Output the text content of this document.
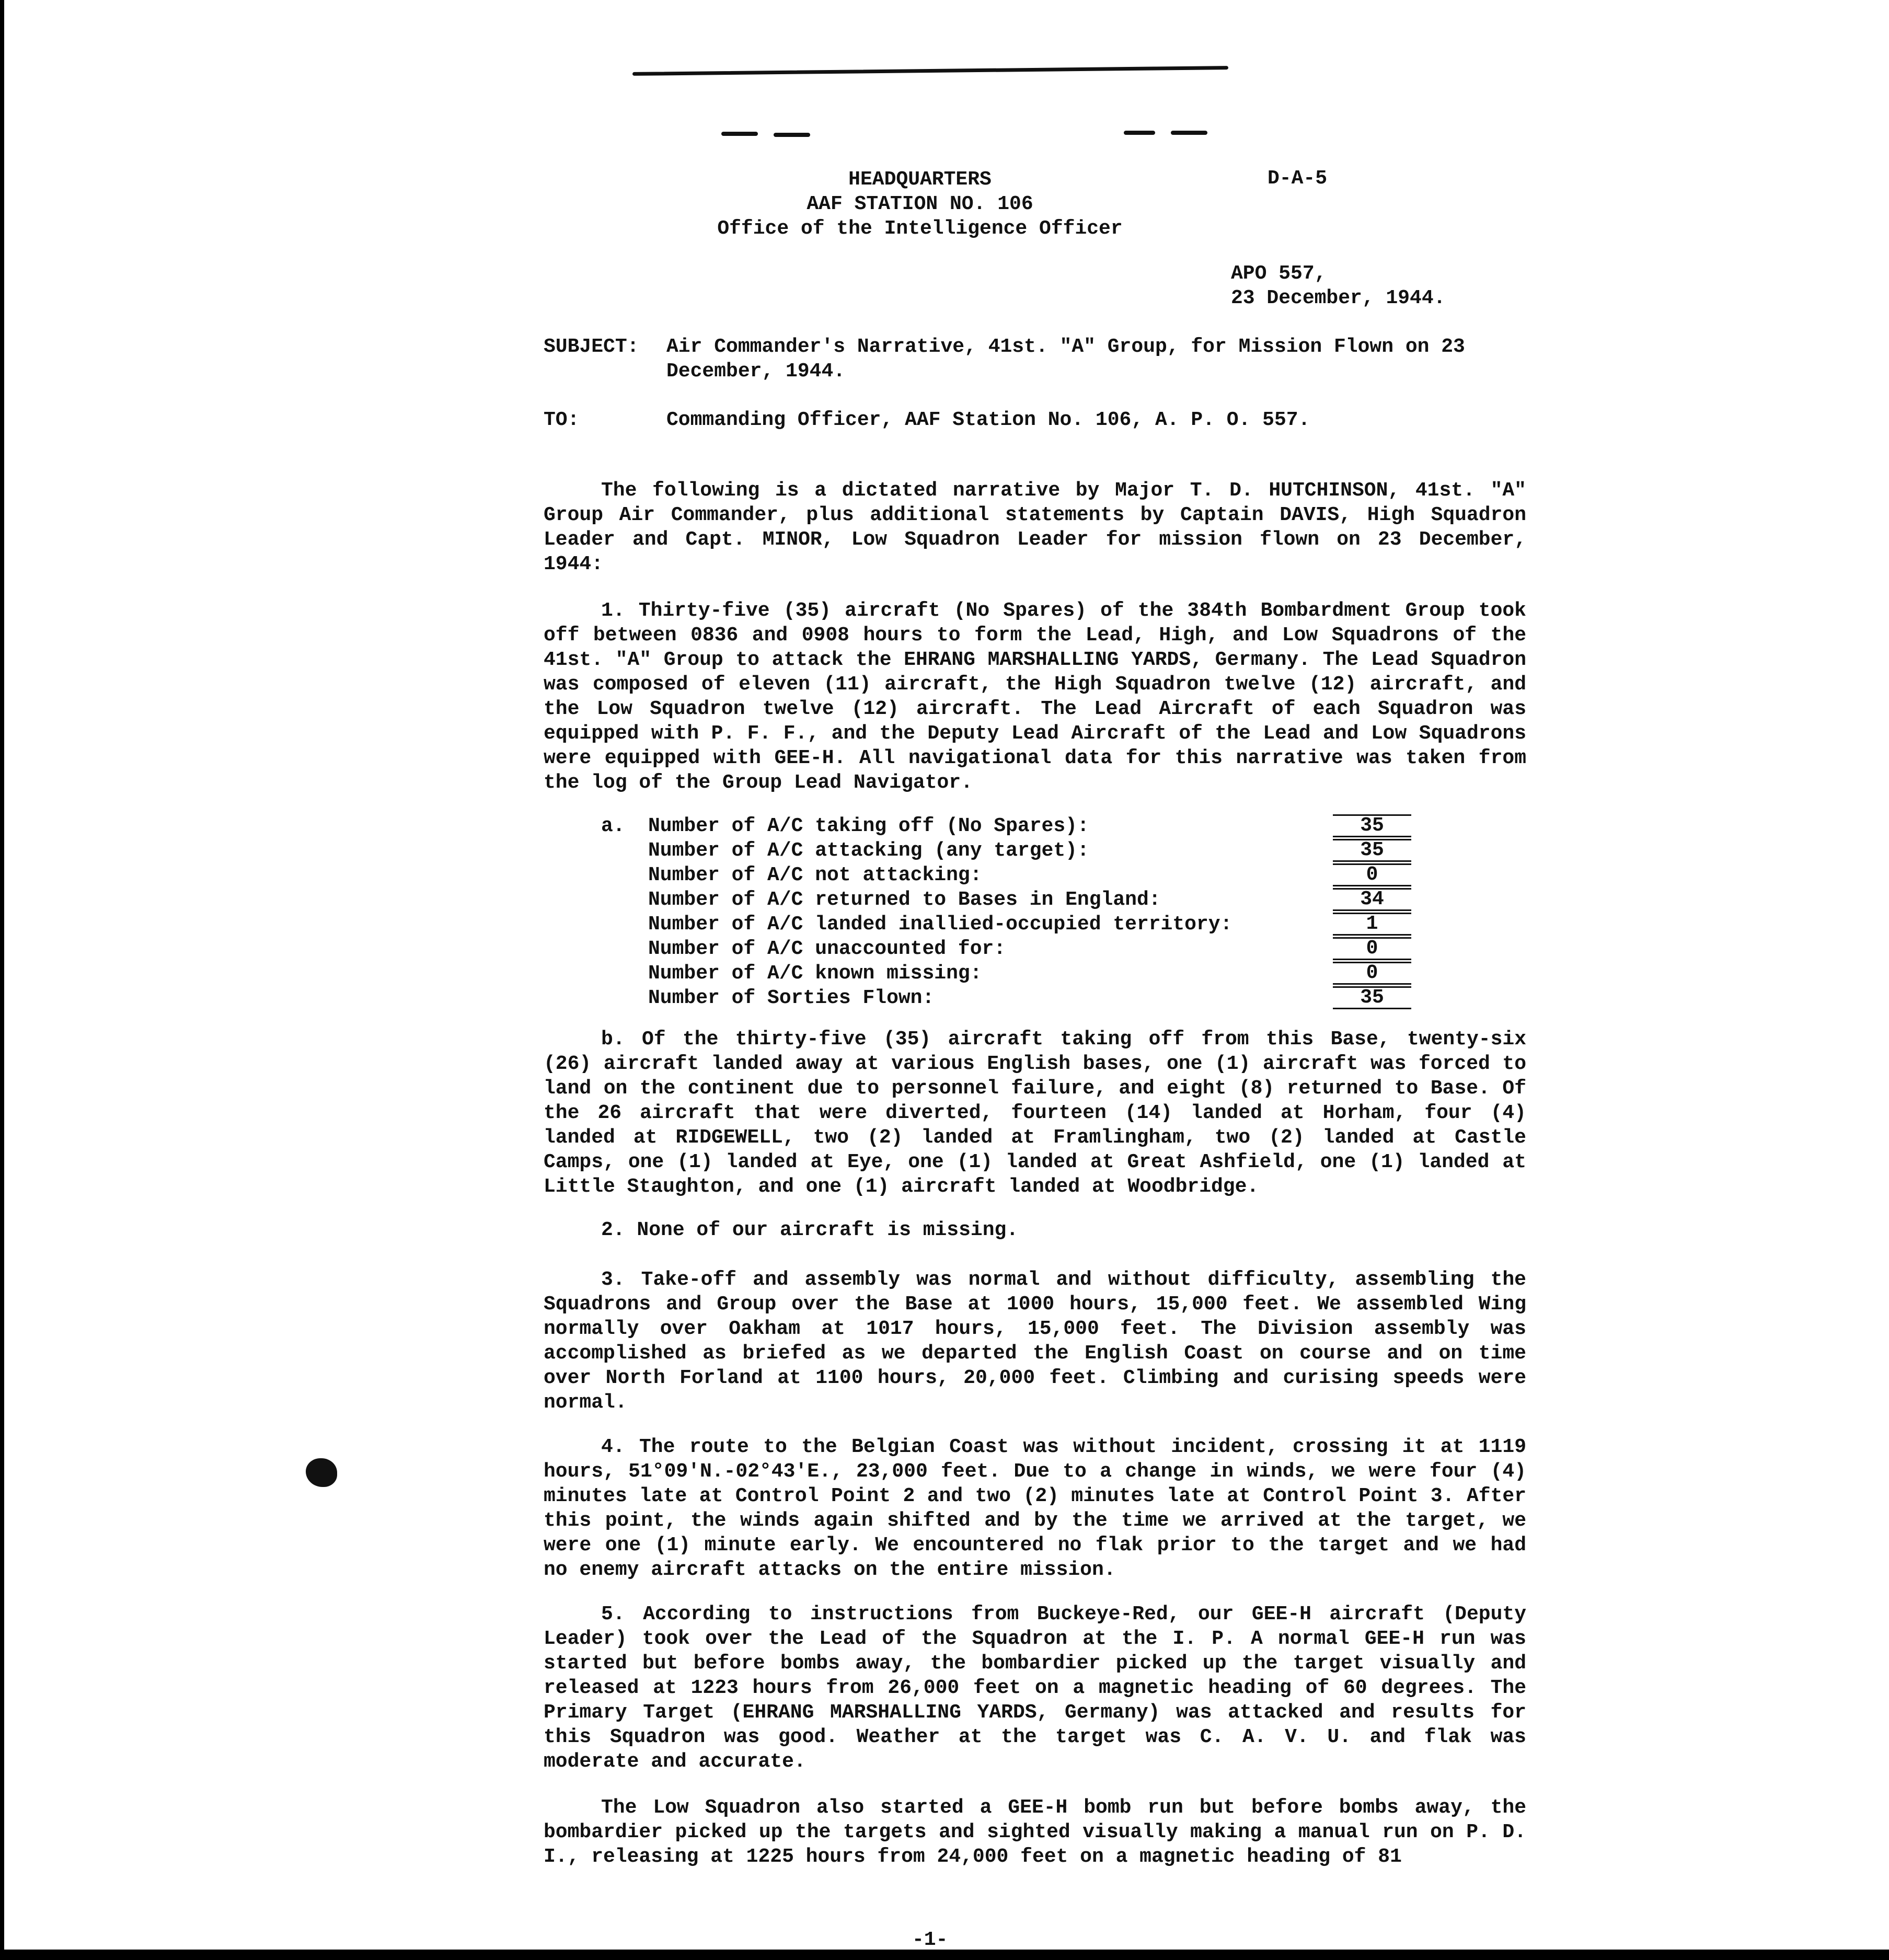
HEADQUARTERS
AAF STATION NO. 106
Office of the Intelligence Officer
D-A-5
APO 557,
23 December, 1944.
SUBJECT:	Air Commander's Narrative, 41st. "A" Group, for Mission Flown on 23 December, 1944.
TO:	Commanding Officer, AAF Station No. 106, A. P. O. 557.

The following is a dictated narrative by Major T. D. HUTCHINSON, 41st. "A" Group Air Commander, plus additional statements by Captain DAVIS, High Squadron Leader and Capt. MINOR, Low Squadron Leader for mission flown on 23 December, 1944:

1. Thirty-five (35) aircraft (No Spares) of the 384th Bombardment Group took off between 0836 and 0908 hours to form the Lead, High, and Low Squadrons of the 41st. "A" Group to attack the EHRANG MARSHALLING YARDS, Germany. The Lead Squadron was composed of eleven (11) aircraft, the High Squadron twelve (12) aircraft, and the Low Squadron twelve (12) aircraft. The Lead Aircraft of each Squadron was equipped with P. F. F., and the Deputy Lead Aircraft of the Lead and Low Squadrons were equipped with GEE-H. All navigational data for this narrative was taken from the log of the Group Lead Navigator.

a.	Number of A/C taking off (No Spares):	35
Number of A/C attacking (any target):	35
Number of A/C not attacking:	0
Number of A/C returned to Bases in England:	34
Number of A/C landed inallied-occupied territory:	1
Number of A/C unaccounted for:	0
Number of A/C known missing:	0
Number of Sorties Flown:	35

b. Of the thirty-five (35) aircraft taking off from this Base, twenty-six (26) aircraft landed away at various English bases, one (1) aircraft was forced to land on the continent due to personnel failure, and eight (8) returned to Base. Of the 26 aircraft that were diverted, fourteen (14) landed at Horham, four (4) landed at RIDGEWELL, two (2) landed at Framlingham, two (2) landed at Castle Camps, one (1) landed at Eye, one (1) landed at Great Ashfield, one (1) landed at Little Staughton, and one (1) aircraft landed at Woodbridge.

2. None of our aircraft is missing.

3. Take-off and assembly was normal and without difficulty, assembling the Squadrons and Group over the Base at 1000 hours, 15,000 feet. We assembled Wing normally over Oakham at 1017 hours, 15,000 feet. The Division assembly was accomplished as briefed as we departed the English Coast on course and on time over North Forland at 1100 hours, 20,000 feet. Climbing and curising speeds were normal.

4. The route to the Belgian Coast was without incident, crossing it at 1119 hours, 51°09'N.-02°43'E., 23,000 feet. Due to a change in winds, we were four (4) minutes late at Control Point 2 and two (2) minutes late at Control Point 3. After this point, the winds again shifted and by the time we arrived at the target, we were one (1) minute early. We encountered no flak prior to the target and we had no enemy aircraft attacks on the entire mission.

5. According to instructions from Buckeye-Red, our GEE-H aircraft (Deputy Leader) took over the Lead of the Squadron at the I. P. A normal GEE-H run was started but before bombs away, the bombardier picked up the target visually and released at 1223 hours from 26,000 feet on a magnetic heading of 60 degrees. The Primary Target (EHRANG MARSHALLING YARDS, Germany) was attacked and results for this Squadron was good. Weather at the target was C. A. V. U. and flak was moderate and accurate.

The Low Squadron also started a GEE-H bomb run but before bombs away, the bombardier picked up the targets and sighted visually making a manual run on P. D. I., releasing at 1225 hours from 24,000 feet on a magnetic heading of 81

-1-
